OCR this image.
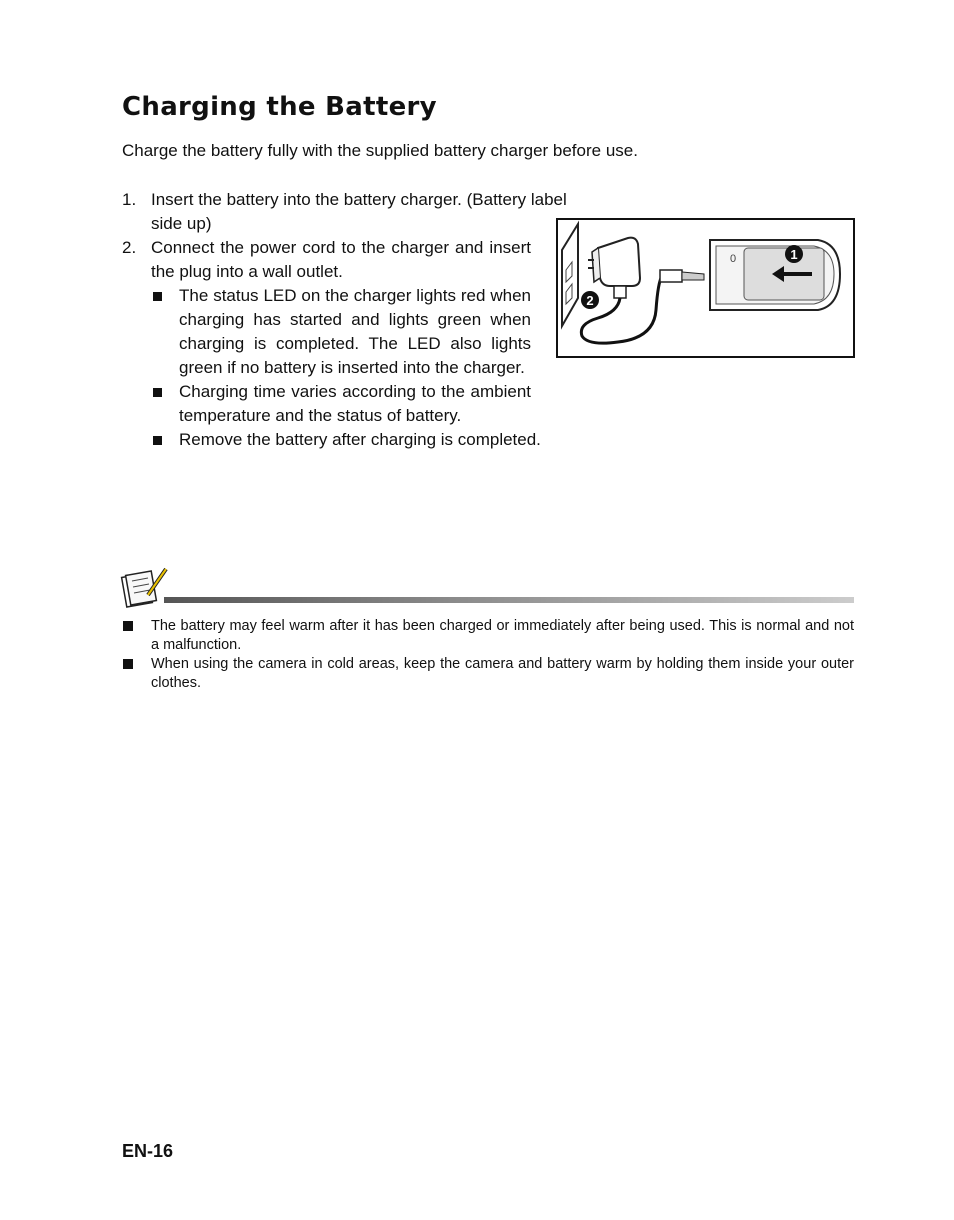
Charging the Battery
Charge the battery fully with the supplied battery charger before use.
1. Insert the battery into the battery charger. (Battery label side up)
2. Connect the power cord to the charger and insert the plug into a wall outlet.
The status LED on the charger lights red when charging has started and lights green when charging is completed. The LED also lights green if no battery is inserted into the charger.
Charging time varies according to the ambient temperature and the status of battery.
Remove the battery after charging is completed.
0	1
2
The battery may feel warm after it has been charged or immediately after being used. This is normal and not a malfunction.
When using the camera in cold areas, keep the camera and battery warm by holding them inside your outer clothes.
EN-16
